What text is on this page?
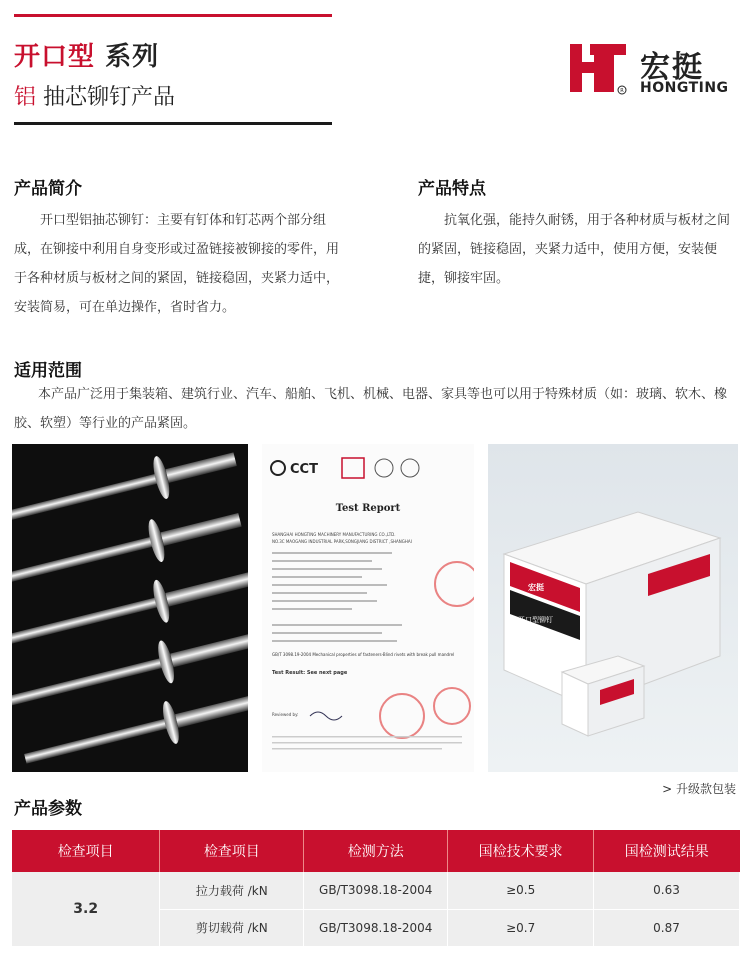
开口型 系列
铝 抽芯铆钉产品	R
宏挺
HONGTING
产品简介
开口型铝抽芯铆钉：主要有钉体和钉芯两个部分组成，在铆接中利用自身变形或过盈链接被铆接的零件，用于各种材质与板材之间的紧固，链接稳固，夹紧力适中，安装简易，可在单边操作，省时省力。
产品特点
抗氧化强，能持久耐锈，用于各种材质与板材之间的紧固，链接稳固，夹紧力适中，使用方便，安装便捷，铆接牢固。
适用范围
本产品广泛用于集装箱、建筑行业、汽车、船舶、飞机、机械、电器、家具等也可以用于特殊材质（如：玻璃、软木、橡胶、软塑）等行业的产品紧固。
CCT
Test Report
SHANGHAI HONGTING MACHINERY MANUFACTURING CO.,LTD.
NO.3C MAOGANG INDUSTRIAL PARK,SONGJIANG DISTRICT ,SHANGHAI
GB/T 3098.19-2004 Mechanical properties of fasteners-Blind rivets with break pull mandrel
Test Result: See next page
Reviewed by:
宏挺
开口型铆钉
> 升级款包装
产品参数
检查项目	检查项目	检测方法	国检技术要求	国检测试结果
3.2	拉力载荷 /kN	GB/T3098.18-2004	≥0.5	0.63
	剪切载荷 /kN	GB/T3098.18-2004	≥0.7	0.87
